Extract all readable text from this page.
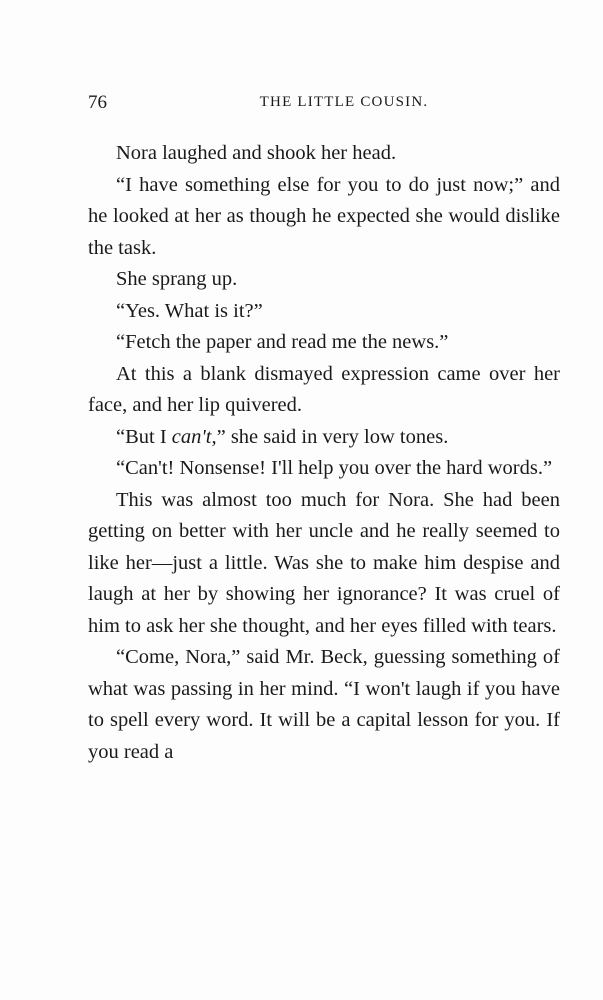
76	THE LITTLE COUSIN.

Nora laughed and shook her head.

“I have something else for you to do just now;” and he looked at her as though he expected she would dislike the task.

She sprang up.

“Yes. What is it?”

“Fetch the paper and read me the news.”

At this a blank dismayed expression came over her face, and her lip quivered.

“But I can't,” she said in very low tones.

“Can't! Nonsense! I'll help you over the hard words.”

This was almost too much for Nora. She had been getting on better with her uncle and he really seemed to like her—just a little. Was she to make him despise and laugh at her by showing her ignorance? It was cruel of him to ask her she thought, and her eyes filled with tears.

“Come, Nora,” said Mr. Beck, guessing something of what was passing in her mind. “I won't laugh if you have to spell every word. It will be a capital lesson for you. If you read a
